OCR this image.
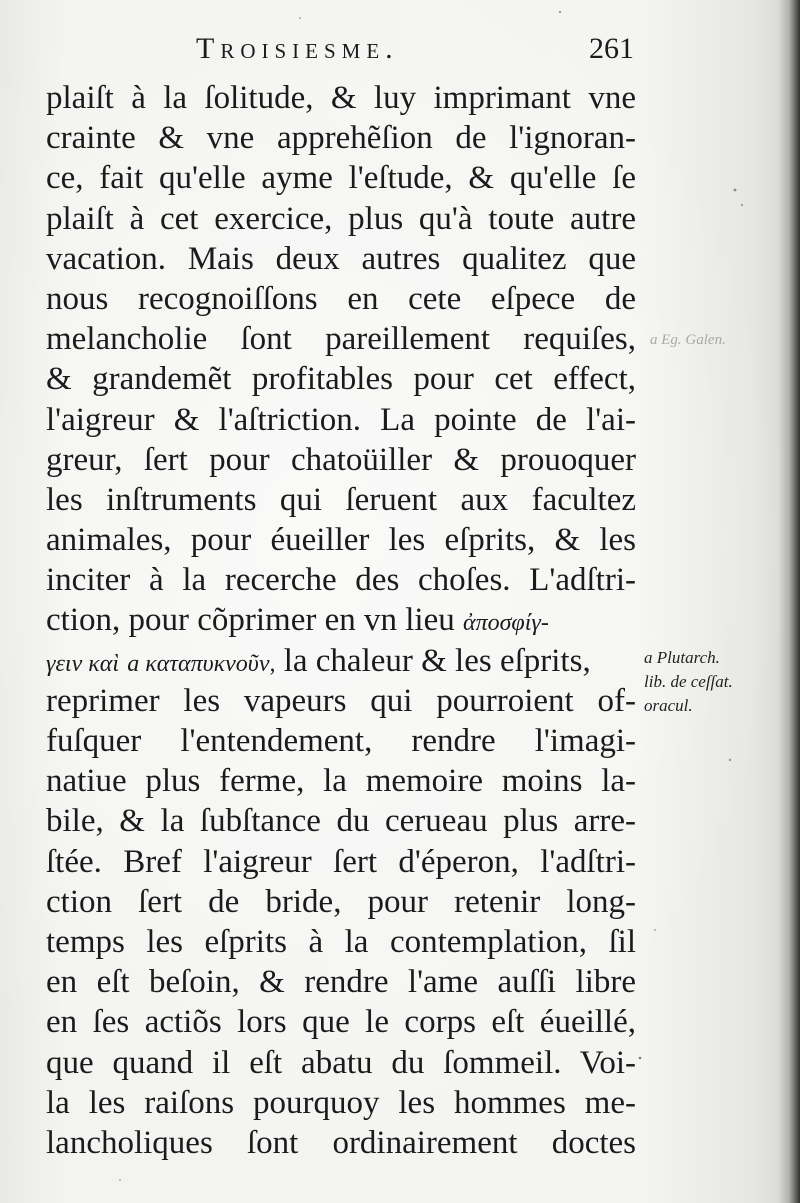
Troisiesme.	261
a Eg. Galen.
plaiſt à la ſolitude, & luy imprimant vne
crainte & vne apprehẽſion de l'ignoran-
ce, fait qu'elle ayme l'eſtude, & qu'elle ſe
plaiſt à cet exercice, plus qu'à toute autre
vacation. Mais deux autres qualitez que
nous recognoiſſons en cete eſpece de
melancholie ſont pareillement requiſes,
& grandemẽt profitables pour cet effect,
l'aigreur & l'aſtriction. La pointe de l'ai-
greur, ſert pour chatoüiller & prouoquer
les inſtruments qui ſeruent aux facultez
animales, pour éueiller les eſprits, & les
inciter à la recerche des choſes. L'adſtri-
ction, pour cõprimer en vn lieu ἀποσφίγ-
γειν καὶ a καταπυκνοῦν, la chaleur & les eſprits,
reprimer les vapeurs qui pourroient of-
fuſquer l'entendement, rendre l'imagi-
natiue plus ferme, la memoire moins la-
bile, & la ſubſtance du cerueau plus arre-
ſtée. Bref l'aigreur ſert d'éperon, l'adſtri-
ction ſert de bride, pour retenir long-
temps les eſprits à la contemplation, ſil
en eſt beſoin, & rendre l'ame auſſi libre
en ſes actiõs lors que le corps eſt éueillé,
que quand il eſt abatu du ſommeil. Voi-
la les raiſons pourquoy les hommes me-
lancholiques ſont ordinairement doctes
a Plutarch.
lib. de ceſſat.
oracul.
